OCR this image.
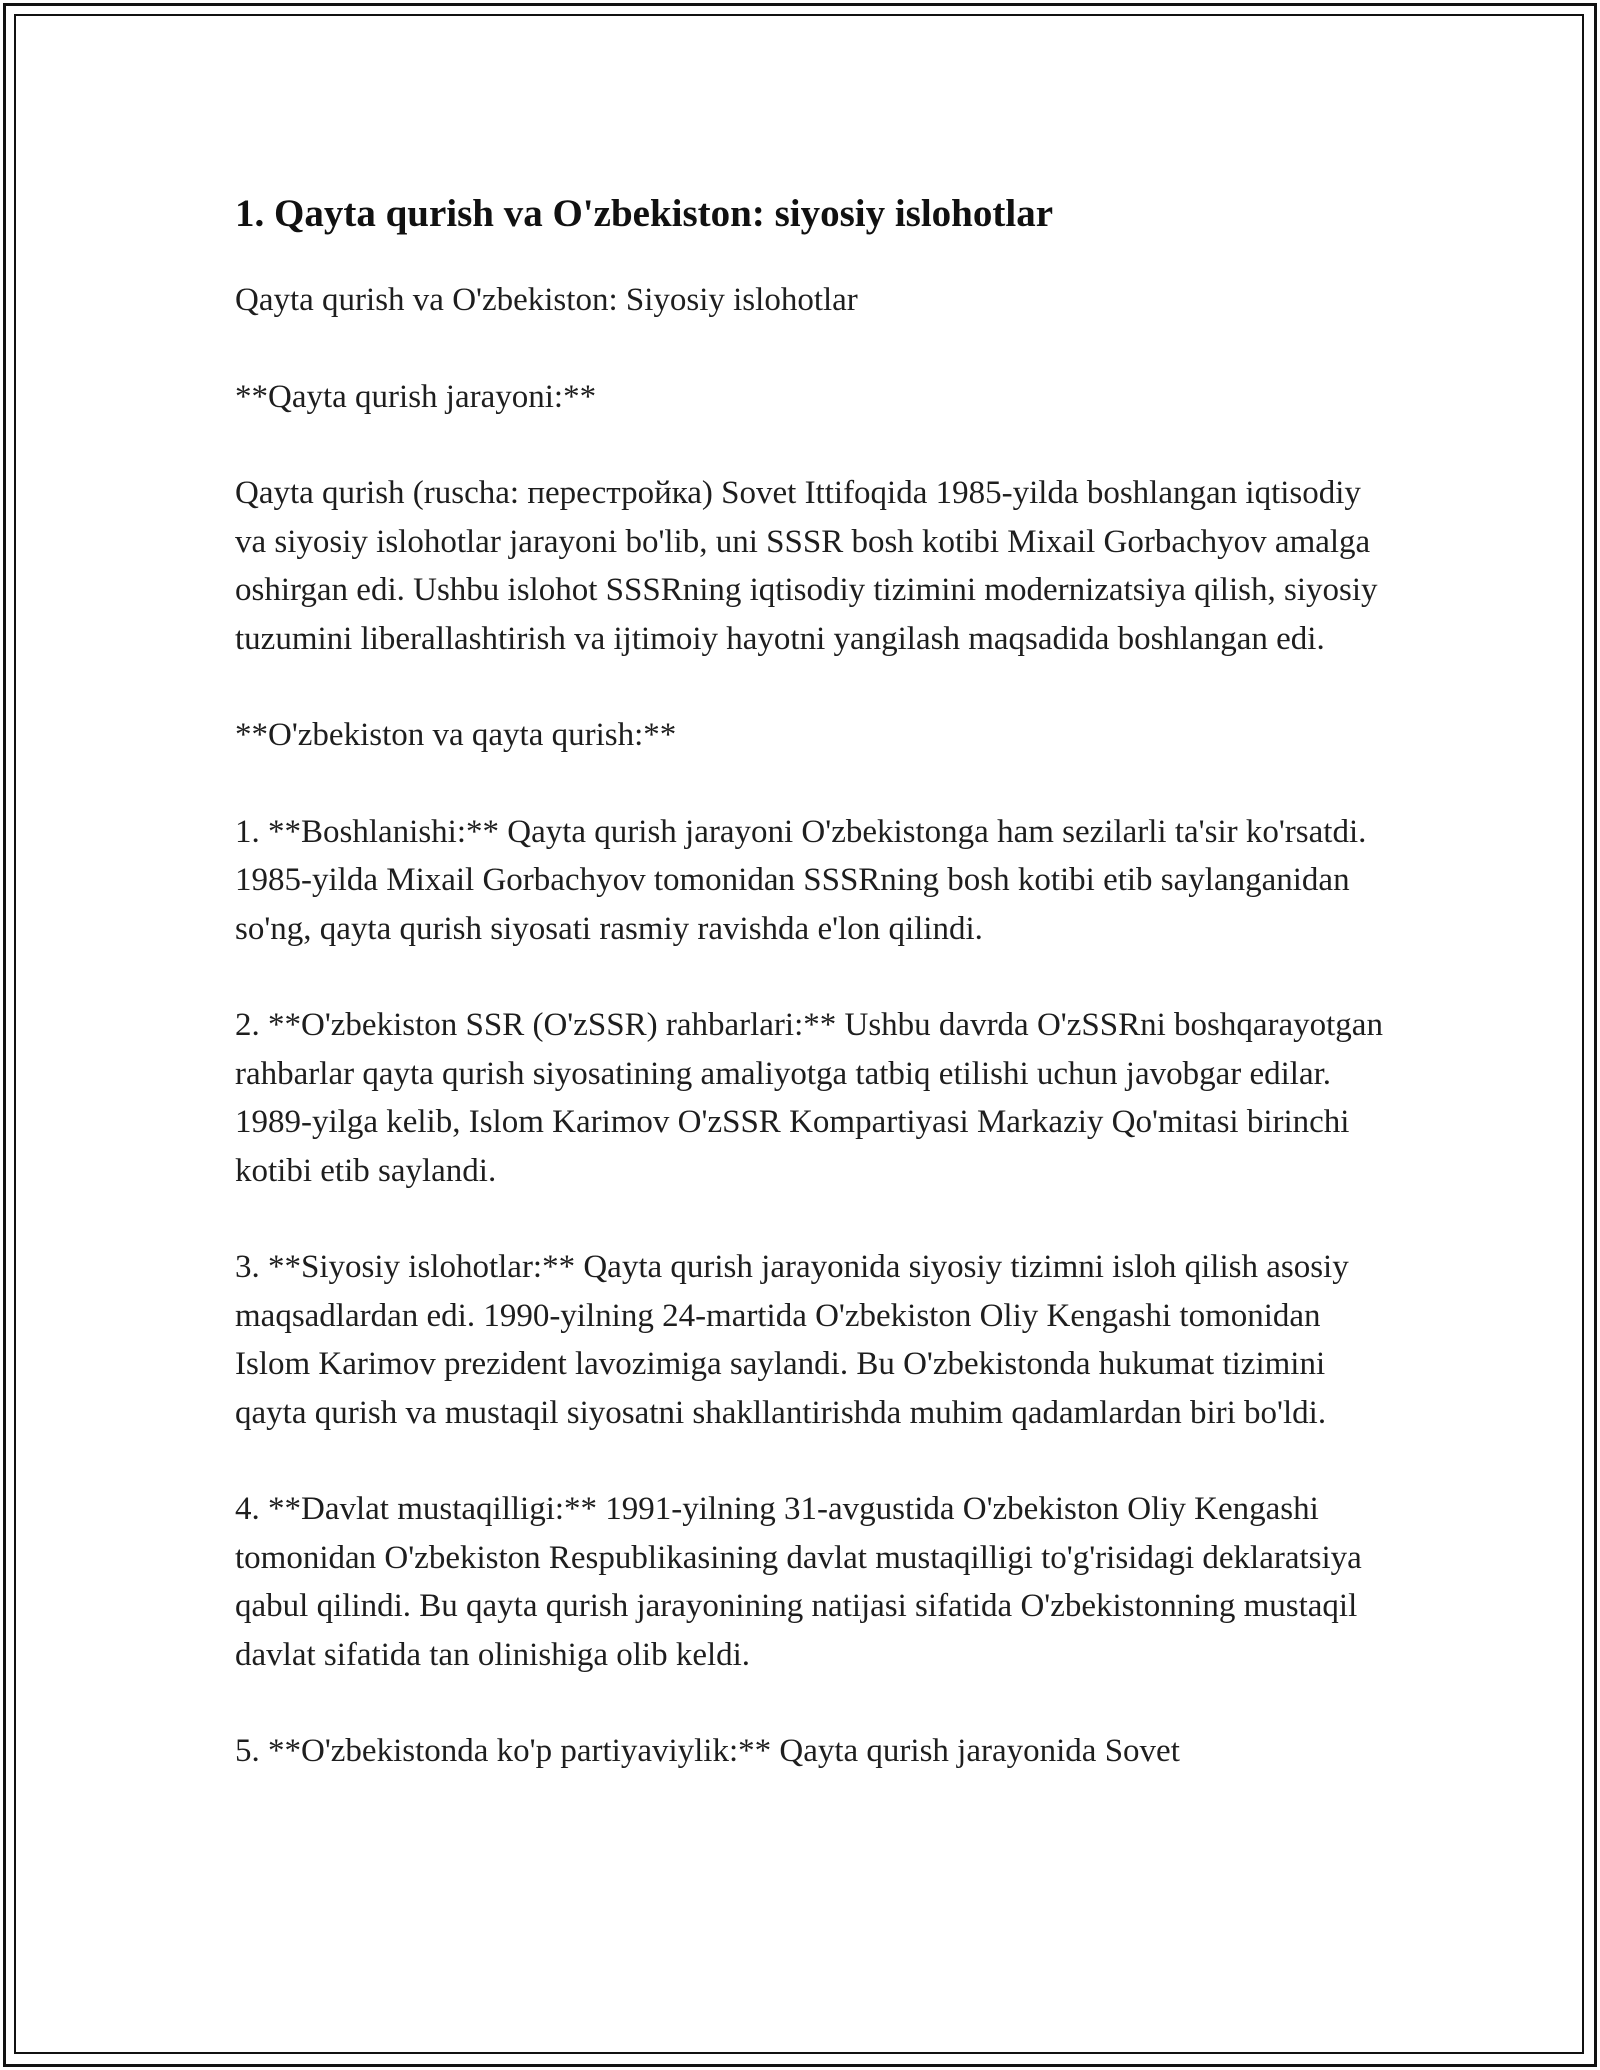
1. Qayta qurish va O'zbekiston: siyosiy islohotlar

Qayta qurish va O'zbekiston: Siyosiy islohotlar

**Qayta qurish jarayoni:**

Qayta qurish (ruscha: перестройка) Sovet Ittifoqida 1985-yilda boshlangan iqtisodiy va siyosiy islohotlar jarayoni bo'lib, uni SSSR bosh kotibi Mixail Gorbachyov amalga oshirgan edi. Ushbu islohot SSSRning iqtisodiy tizimini modernizatsiya qilish, siyosiy tuzumini liberallashtirish va ijtimoiy hayotni yangilash maqsadida boshlangan edi.

**O'zbekiston va qayta qurish:**

1. **Boshlanishi:** Qayta qurish jarayoni O'zbekistonga ham sezilarli ta'sir ko'rsatdi. 1985-yilda Mixail Gorbachyov tomonidan SSSRning bosh kotibi etib saylanganidan so'ng, qayta qurish siyosati rasmiy ravishda e'lon qilindi.

2. **O'zbekiston SSR (O'zSSR) rahbarlari:** Ushbu davrda O'zSSRni boshqarayotgan rahbarlar qayta qurish siyosatining amaliyotga tatbiq etilishi uchun javobgar edilar. 1989-yilga kelib, Islom Karimov O'zSSR Kompartiyasi Markaziy Qo'mitasi birinchi kotibi etib saylandi.

3. **Siyosiy islohotlar:** Qayta qurish jarayonida siyosiy tizimni isloh qilish asosiy maqsadlardan edi. 1990-yilning 24-martida O'zbekiston Oliy Kengashi tomonidan Islom Karimov prezident lavozimiga saylandi. Bu O'zbekistonda hukumat tizimini qayta qurish va mustaqil siyosatni shakllantirishda muhim qadamlardan biri bo'ldi.

4. **Davlat mustaqilligi:** 1991-yilning 31-avgustida O'zbekiston Oliy Kengashi tomonidan O'zbekiston Respublikasining davlat mustaqilligi to'g'risidagi deklaratsiya qabul qilindi. Bu qayta qurish jarayonining natijasi sifatida O'zbekistonning mustaqil davlat sifatida tan olinishiga olib keldi.

5. **O'zbekistonda ko'p partiyaviylik:** Qayta qurish jarayonida Sovet
